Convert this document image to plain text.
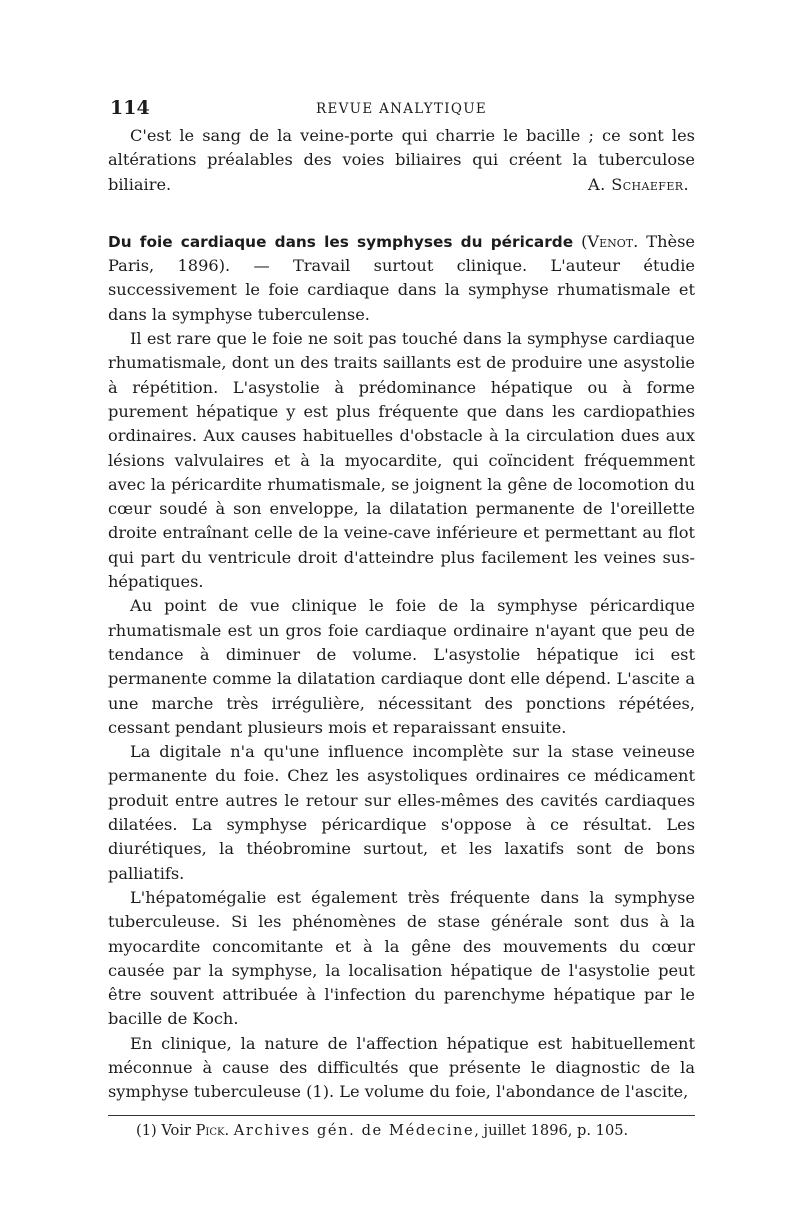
114	REVUE ANALYTIQUE

C'est le sang de la veine-porte qui charrie le bacille ; ce sont les altérations préalables des voies biliaires qui créent la tuberculose biliaire.	A. Schaefer.

Du foie cardiaque dans les symphyses du péricarde (Venot. Thèse Paris, 1896). — Travail surtout clinique. L'auteur étudie successivement le foie cardiaque dans la symphyse rhumatismale et dans la symphyse tuberculense.

Il est rare que le foie ne soit pas touché dans la symphyse cardiaque rhumatismale, dont un des traits saillants est de produire une asystolie à répétition. L'asystolie à prédominance hépatique ou à forme purement hépatique y est plus fréquente que dans les cardiopathies ordinaires. Aux causes habituelles d'obstacle à la circulation dues aux lésions valvulaires et à la myocardite, qui coïncident fréquemment avec la péricardite rhumatismale, se joignent la gêne de locomotion du cœur soudé à son enveloppe, la dilatation permanente de l'oreillette droite entraînant celle de la veine-cave inférieure et permettant au flot qui part du ventricule droit d'atteindre plus facilement les veines sus-hépatiques.

Au point de vue clinique le foie de la symphyse péricardique rhumatismale est un gros foie cardiaque ordinaire n'ayant que peu de tendance à diminuer de volume. L'asystolie hépatique ici est permanente comme la dilatation cardiaque dont elle dépend. L'ascite a une marche très irrégulière, nécessitant des ponctions répétées, cessant pendant plusieurs mois et reparaissant ensuite.

La digitale n'a qu'une influence incomplète sur la stase veineuse permanente du foie. Chez les asystoliques ordinaires ce médicament produit entre autres le retour sur elles-mêmes des cavités cardiaques dilatées. La symphyse péricardique s'oppose à ce résultat. Les diurétiques, la théobromine surtout, et les laxatifs sont de bons palliatifs.

L'hépatomégalie est également très fréquente dans la symphyse tuberculeuse. Si les phénomènes de stase générale sont dus à la myocardite concomitante et à la gêne des mouvements du cœur causée par la symphyse, la localisation hépatique de l'asystolie peut être souvent attribuée à l'infection du parenchyme hépatique par le bacille de Koch.

En clinique, la nature de l'affection hépatique est habituellement méconnue à cause des difficultés que présente le diagnostic de la symphyse tuberculeuse (1). Le volume du foie, l'abondance de l'ascite,

(1) Voir Pick. Archives gén. de Médecine, juillet 1896, p. 105.
